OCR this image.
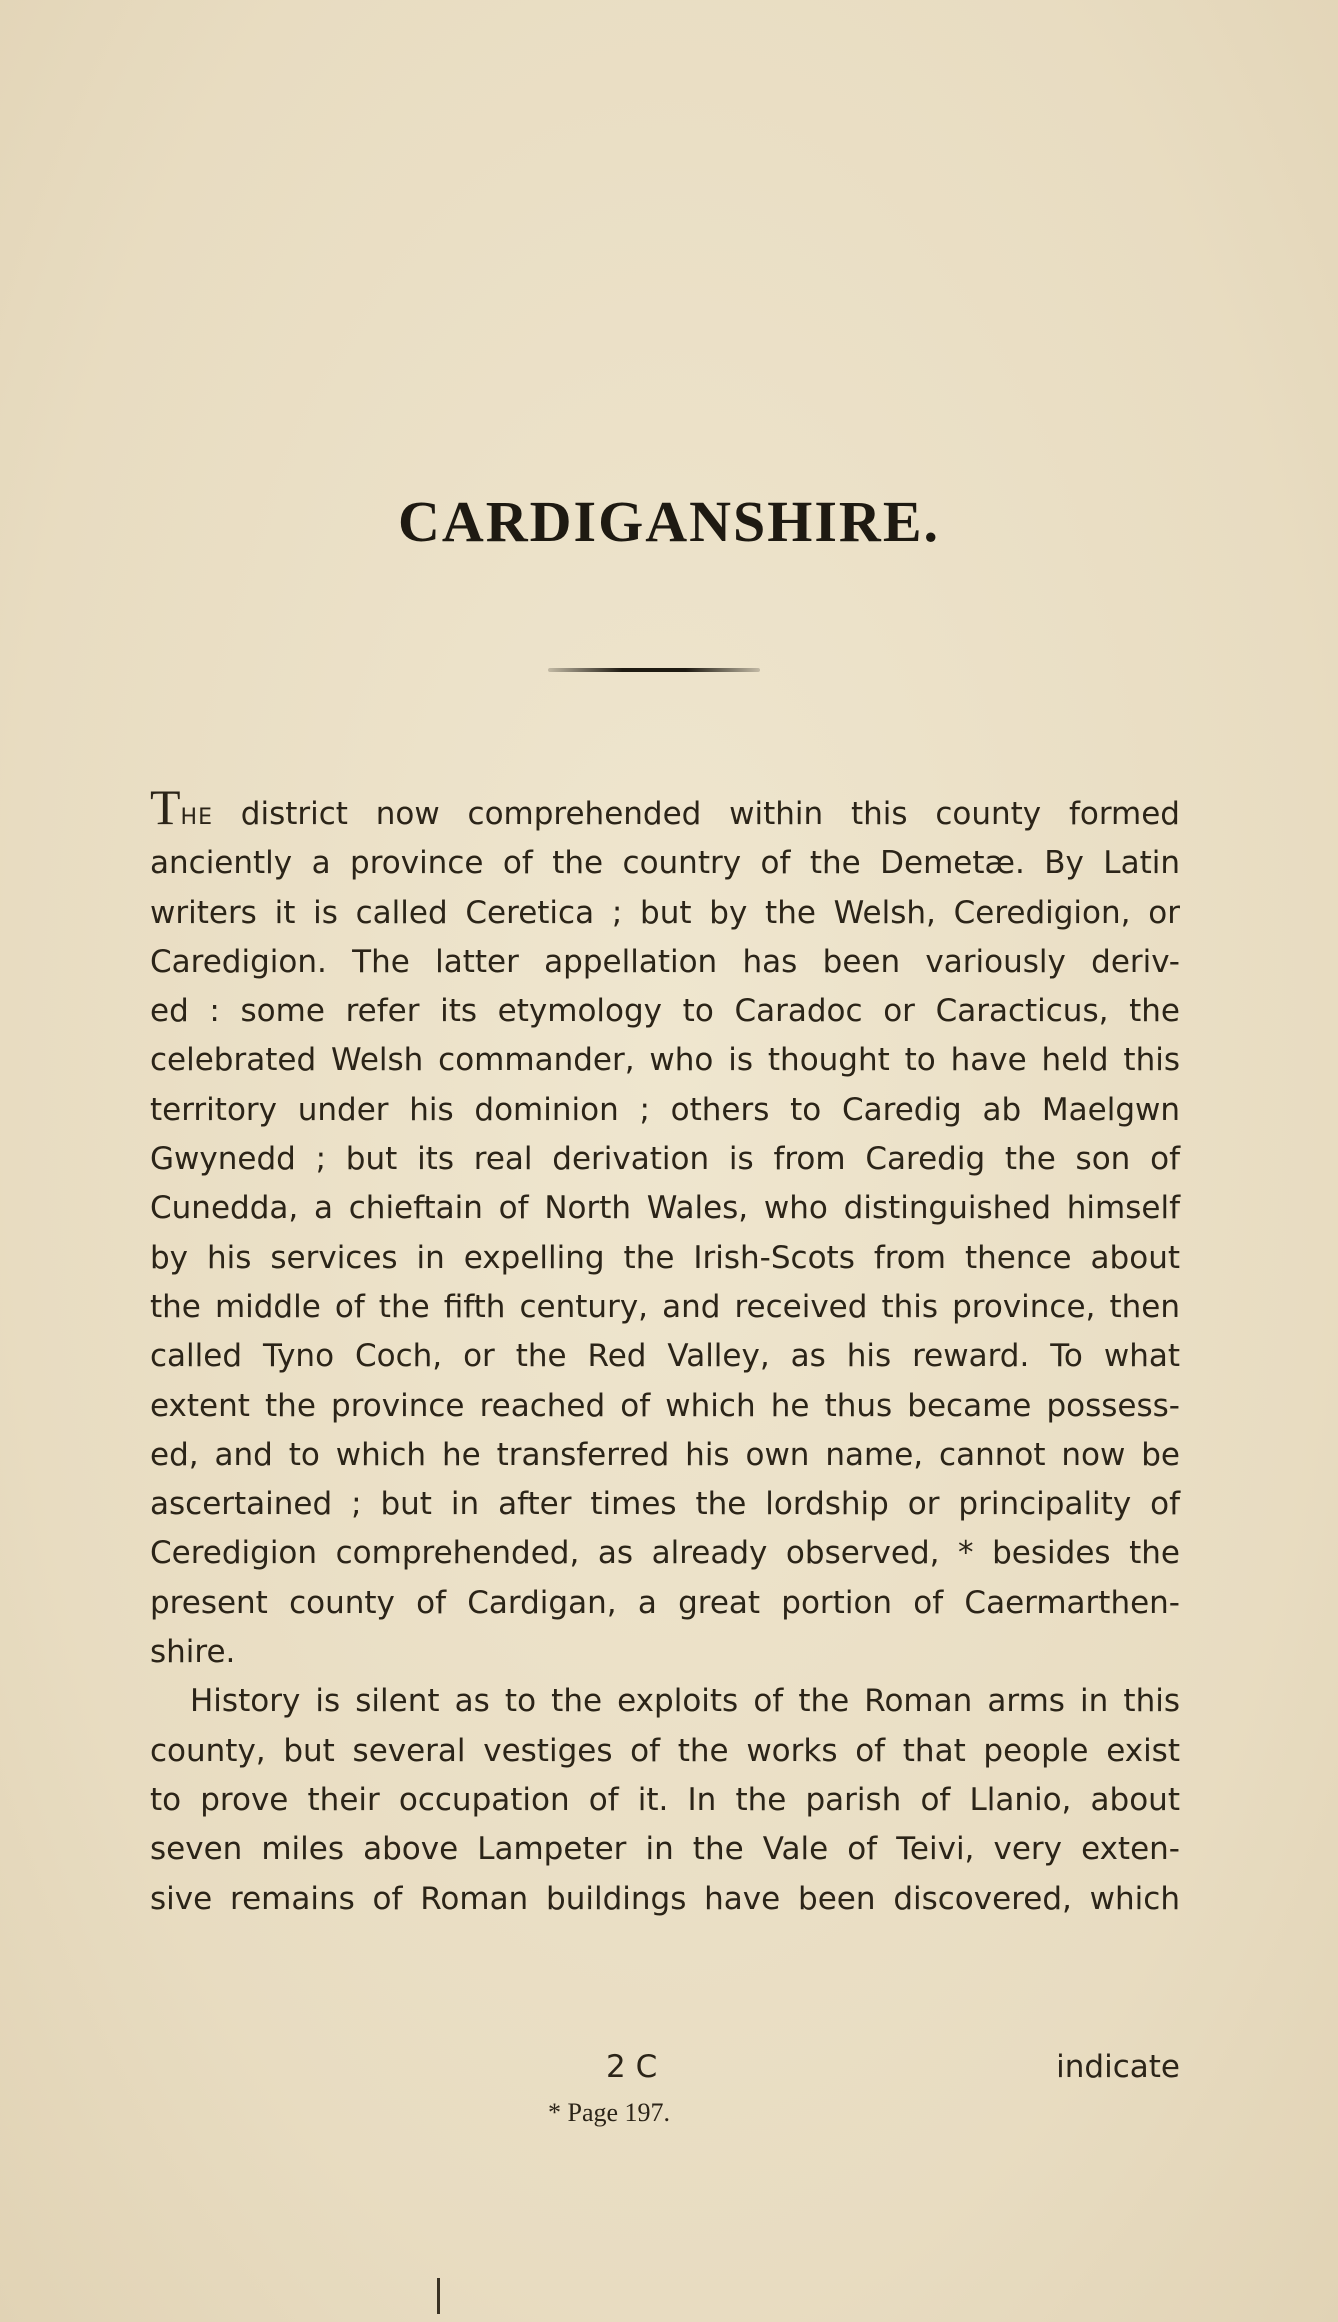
CARDIGANSHIRE.
THE district now comprehended within this county formed
anciently a province of the country of the Demetæ. By Latin
writers it is called Ceretica ; but by the Welsh, Ceredigion, or
Caredigion. The latter appellation has been variously deriv-
ed : some refer its etymology to Caradoc or Caracticus, the
celebrated Welsh commander, who is thought to have held this
territory under his dominion ; others to Caredig ab Maelgwn
Gwynedd ; but its real derivation is from Caredig the son of
Cunedda, a chieftain of North Wales, who distinguished himself
by his services in expelling the Irish-Scots from thence about
the middle of the fifth century, and received this province, then
called Tyno Coch, or the Red Valley, as his reward. To what
extent the province reached of which he thus became possess-
ed, and to which he transferred his own name, cannot now be
ascertained ; but in after times the lordship or principality of
Ceredigion comprehended, as already observed, * besides the
present county of Cardigan, a great portion of Caermarthen-
shire.
History is silent as to the exploits of the Roman arms in this
county, but several vestiges of the works of that people exist
to prove their occupation of it. In the parish of Llanio, about
seven miles above Lampeter in the Vale of Teivi, very exten-
sive remains of Roman buildings have been discovered, which
2 C	indicate
* Page 197.
